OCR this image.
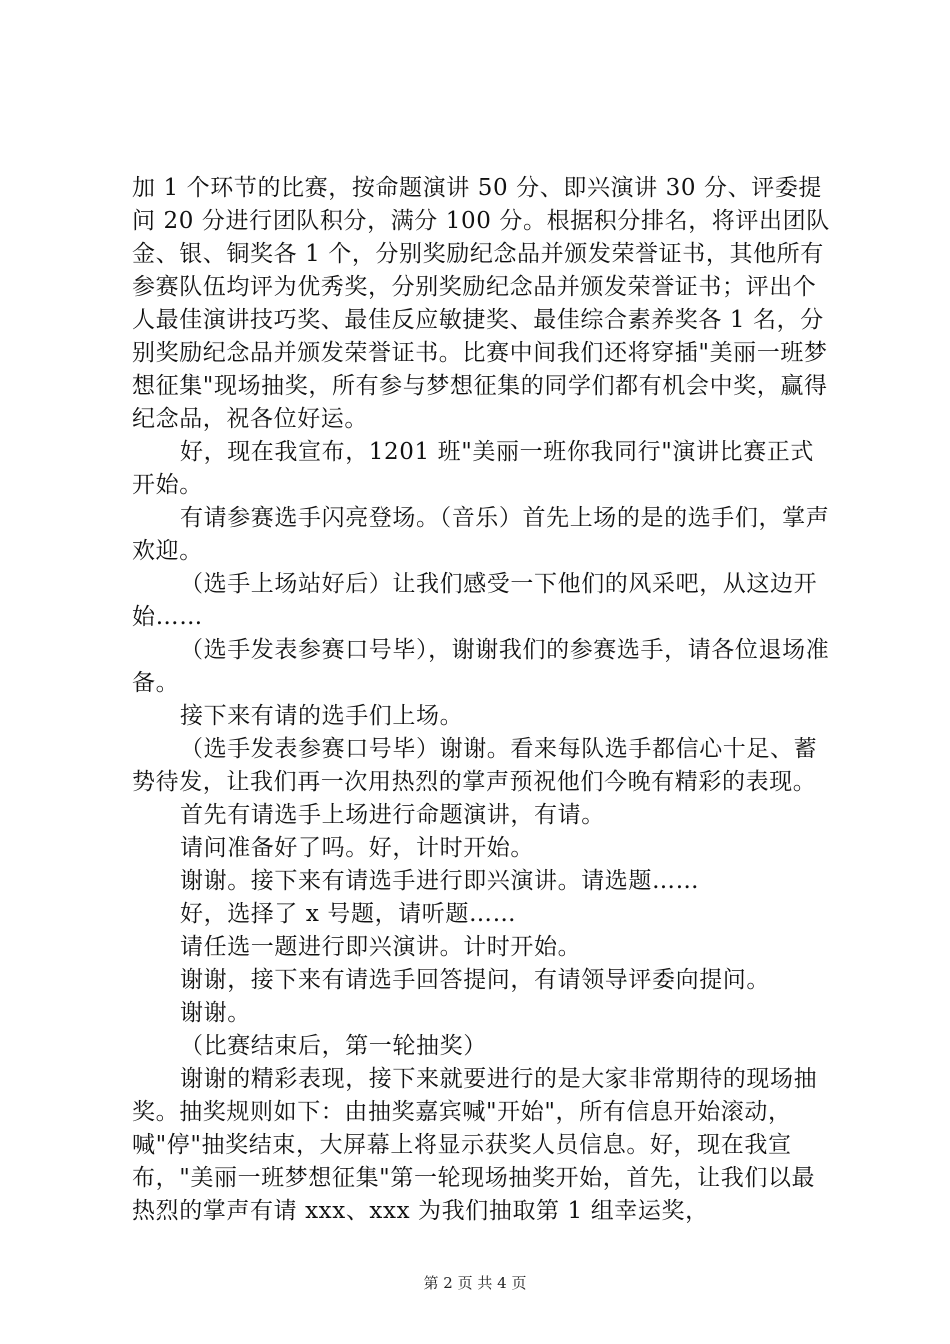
加 1 个环节的比赛，按命题演讲 50 分、即兴演讲 30 分、评委提问 20 分进行团队积分，满分 100 分。根据积分排名，将评出团队金、银、铜奖各 1 个，分别奖励纪念品并颁发荣誉证书，其他所有参赛队伍均评为优秀奖，分别奖励纪念品并颁发荣誉证书；评出个人最佳演讲技巧奖、最佳反应敏捷奖、最佳综合素养奖各 1 名，分别奖励纪念品并颁发荣誉证书。比赛中间我们还将穿插"美丽一班梦想征集"现场抽奖，所有参与梦想征集的同学们都有机会中奖，赢得纪念品，祝各位好运。

好，现在我宣布，1201 班"美丽一班你我同行"演讲比赛正式开始。

有请参赛选手闪亮登场。（音乐）首先上场的是的选手们，掌声欢迎。

（选手上场站好后）让我们感受一下他们的风采吧，从这边开始……

（选手发表参赛口号毕），谢谢我们的参赛选手，请各位退场准备。

接下来有请的选手们上场。

（选手发表参赛口号毕）谢谢。看来每队选手都信心十足、蓄势待发，让我们再一次用热烈的掌声预祝他们今晚有精彩的表现。

首先有请选手上场进行命题演讲，有请。

请问准备好了吗。好，计时开始。

谢谢。接下来有请选手进行即兴演讲。请选题……

好，选择了 x 号题，请听题……

请任选一题进行即兴演讲。计时开始。

谢谢，接下来有请选手回答提问，有请领导评委向提问。

谢谢。

（比赛结束后，第一轮抽奖）

谢谢的精彩表现，接下来就要进行的是大家非常期待的现场抽奖。抽奖规则如下：由抽奖嘉宾喊"开始"，所有信息开始滚动，喊"停"抽奖结束，大屏幕上将显示获奖人员信息。好，现在我宣布，"美丽一班梦想征集"第一轮现场抽奖开始，首先，让我们以最热烈的掌声有请 xxx、xxx 为我们抽取第 1 组幸运奖，

第 2 页 共 4 页
